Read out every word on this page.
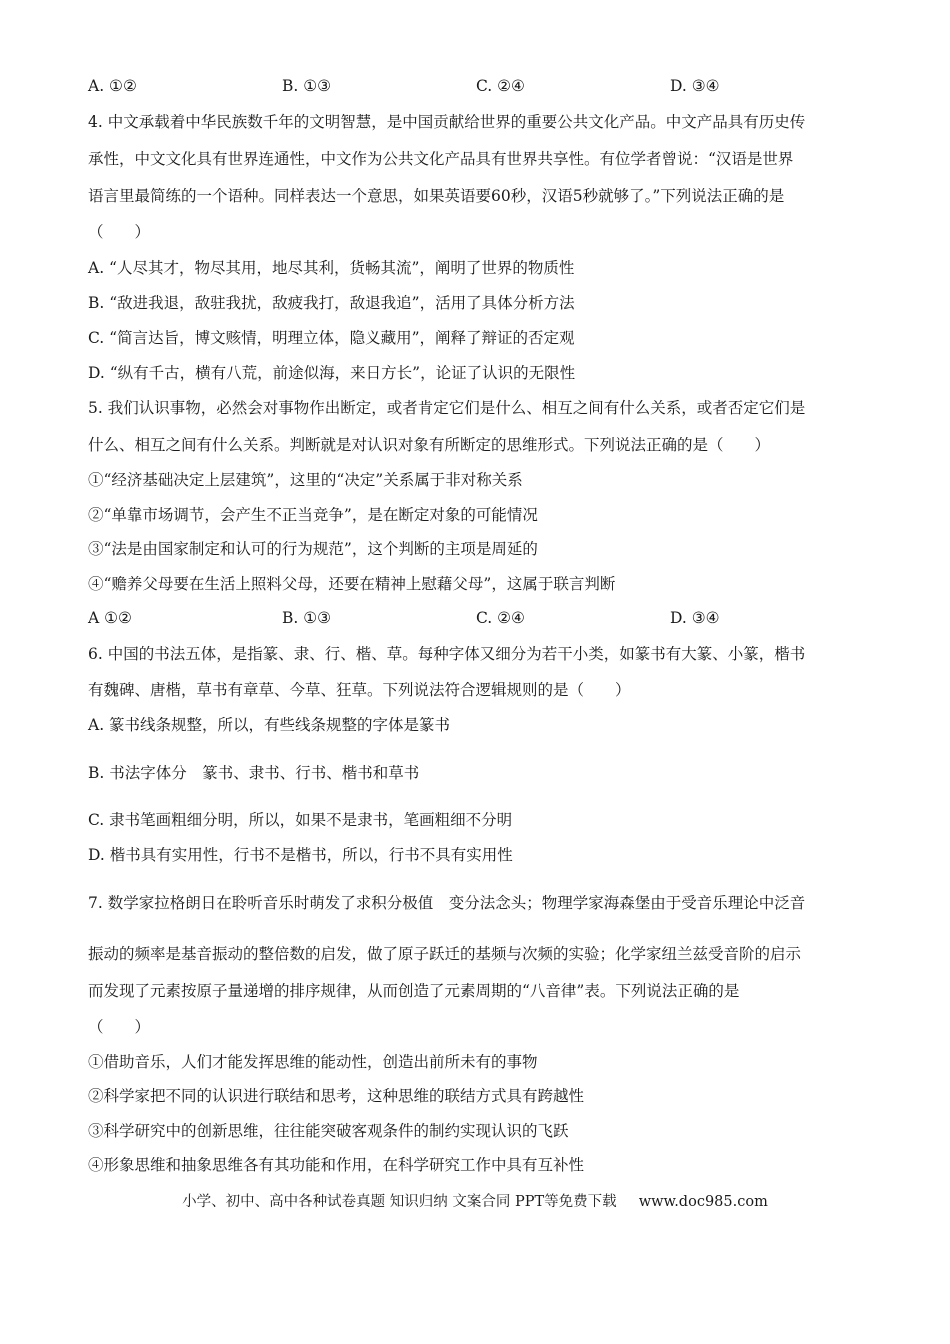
A. ①②	B. ①③	C. ②④	D. ③④
4. 中文承载着中华民族数千年的文明智慧，是中国贡献给世界的重要公共文化产品。中文产品具有历史传
承性，中文文化具有世界连通性，中文作为公共文化产品具有世界共享性。有位学者曾说：“汉语是世界
语言里最简练的一个语种。同样表达一个意思，如果英语要60秒，汉语5秒就够了。”下列说法正确的是
（　　）
A. “人尽其才，物尽其用，地尽其利，货畅其流”，阐明了世界的物质性
B. “敌进我退，敌驻我扰，敌疲我打，敌退我追”，活用了具体分析方法
C. “简言达旨，博文赅情，明理立体，隐义藏用”，阐释了辩证的否定观
D. “纵有千古，横有八荒，前途似海，来日方长”，论证了认识的无限性
5. 我们认识事物，必然会对事物作出断定，或者肯定它们是什么、相互之间有什么关系，或者否定它们是
什么、相互之间有什么关系。判断就是对认识对象有所断定的思维形式。下列说法正确的是（　　）
①“经济基础决定上层建筑”，这里的“决定”关系属于非对称关系
②“单靠市场调节，会产生不正当竞争”，是在断定对象的可能情况
③“法是由国家制定和认可的行为规范”，这个判断的主项是周延的
④“赡养父母要在生活上照料父母，还要在精神上慰藉父母”，这属于联言判断
A ①②	B. ①③	C. ②④	D. ③④
6. 中国的书法五体，是指篆、隶、行、楷、草。每种字体又细分为若干小类，如篆书有大篆、小篆，楷书
有魏碑、唐楷，草书有章草、今草、狂草。下列说法符合逻辑规则的是（　　）
A. 篆书线条规整，所以，有些线条规整的字体是篆书
B. 书法字体分　篆书、隶书、行书、楷书和草书
C. 隶书笔画粗细分明，所以，如果不是隶书，笔画粗细不分明
D. 楷书具有实用性，行书不是楷书，所以，行书不具有实用性
7. 数学家拉格朗日在聆听音乐时萌发了求积分极值　变分法念头；物理学家海森堡由于受音乐理论中泛音
振动的频率是基音振动的整倍数的启发，做了原子跃迁的基频与次频的实验；化学家纽兰兹受音阶的启示
而发现了元素按原子量递增的排序规律，从而创造了元素周期的“八音律”表。下列说法正确的是
（　　）
①借助音乐，人们才能发挥思维的能动性，创造出前所未有的事物
②科学家把不同的认识进行联结和思考，这种思维的联结方式具有跨越性
③科学研究中的创新思维，往往能突破客观条件的制约实现认识的飞跃
④形象思维和抽象思维各有其功能和作用，在科学研究工作中具有互补性
小学、初中、高中各种试卷真题 知识归纳 文案合同 PPT等免费下载 www.doc985.com
